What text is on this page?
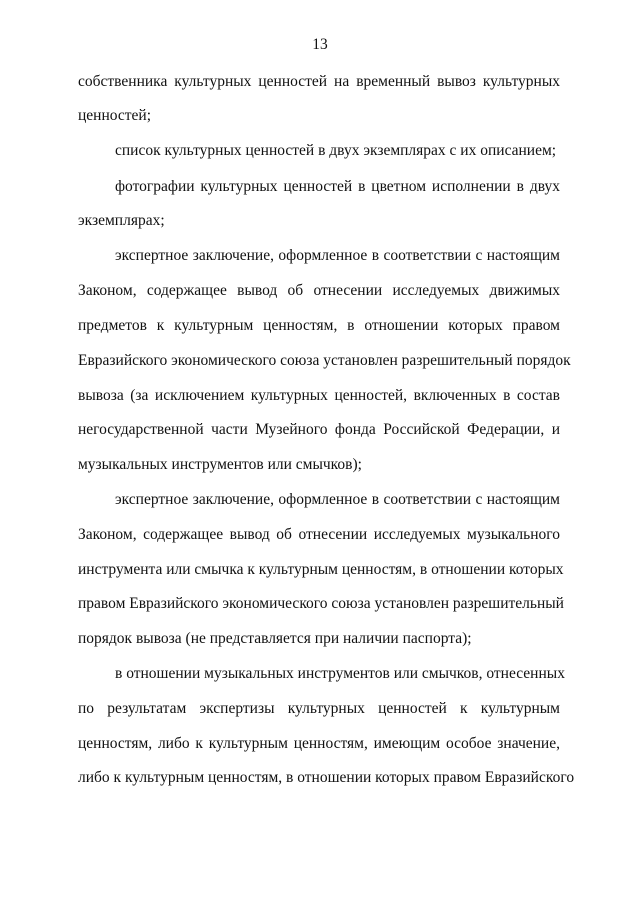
13
собственника культурных ценностей на временный вывоз культурных
ценностей;
список культурных ценностей в двух экземплярах с их описанием;
фотографии культурных ценностей в цветном исполнении в двух
экземплярах;
экспертное заключение, оформленное в соответствии с настоящим
Законом, содержащее вывод об отнесении исследуемых движимых
предметов к культурным ценностям, в отношении которых правом
Евразийского экономического союза установлен разрешительный порядок
вывоза (за исключением культурных ценностей, включенных в состав
негосударственной части Музейного фонда Российской Федерации, и
музыкальных инструментов или смычков);
экспертное заключение, оформленное в соответствии с настоящим
Законом, содержащее вывод об отнесении исследуемых музыкального
инструмента или смычка к культурным ценностям, в отношении которых
правом Евразийского экономического союза установлен разрешительный
порядок вывоза (не представляется при наличии паспорта);
в отношении музыкальных инструментов или смычков, отнесенных
по результатам экспертизы культурных ценностей к культурным
ценностям, либо к культурным ценностям, имеющим особое значение,
либо к культурным ценностям, в отношении которых правом Евразийского
